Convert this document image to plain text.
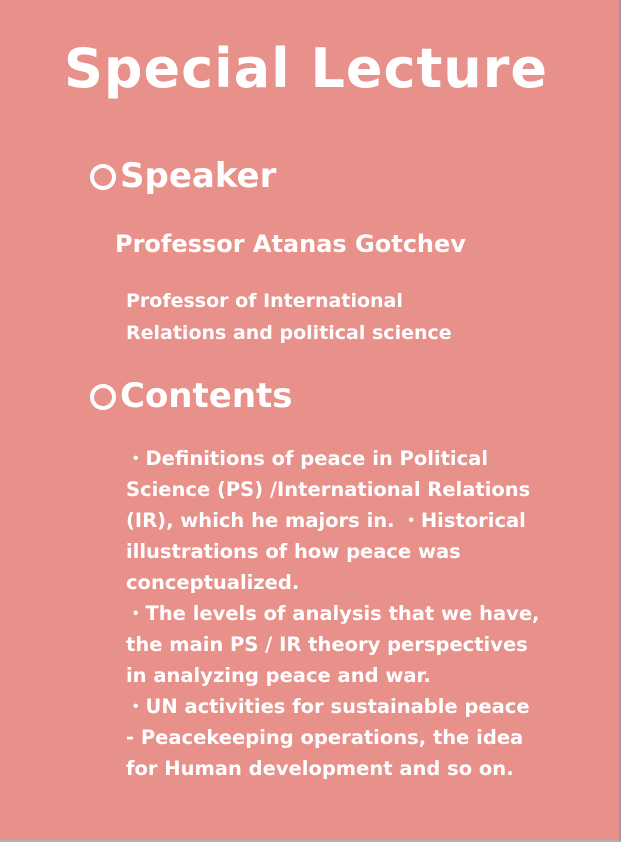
Special Lecture
Speaker
Professor Atanas Gotchev
Professor of International
Relations and political science
Contents
・Definitions of peace in Political
Science (PS) /International Relations
(IR), which he majors in. ・Historical
illustrations of how peace was
conceptualized.
・The levels of analysis that we have,
the main PS / IR theory perspectives
in analyzing peace and war.
・UN activities for sustainable peace
- Peacekeeping operations, the idea
for Human development and so on.
